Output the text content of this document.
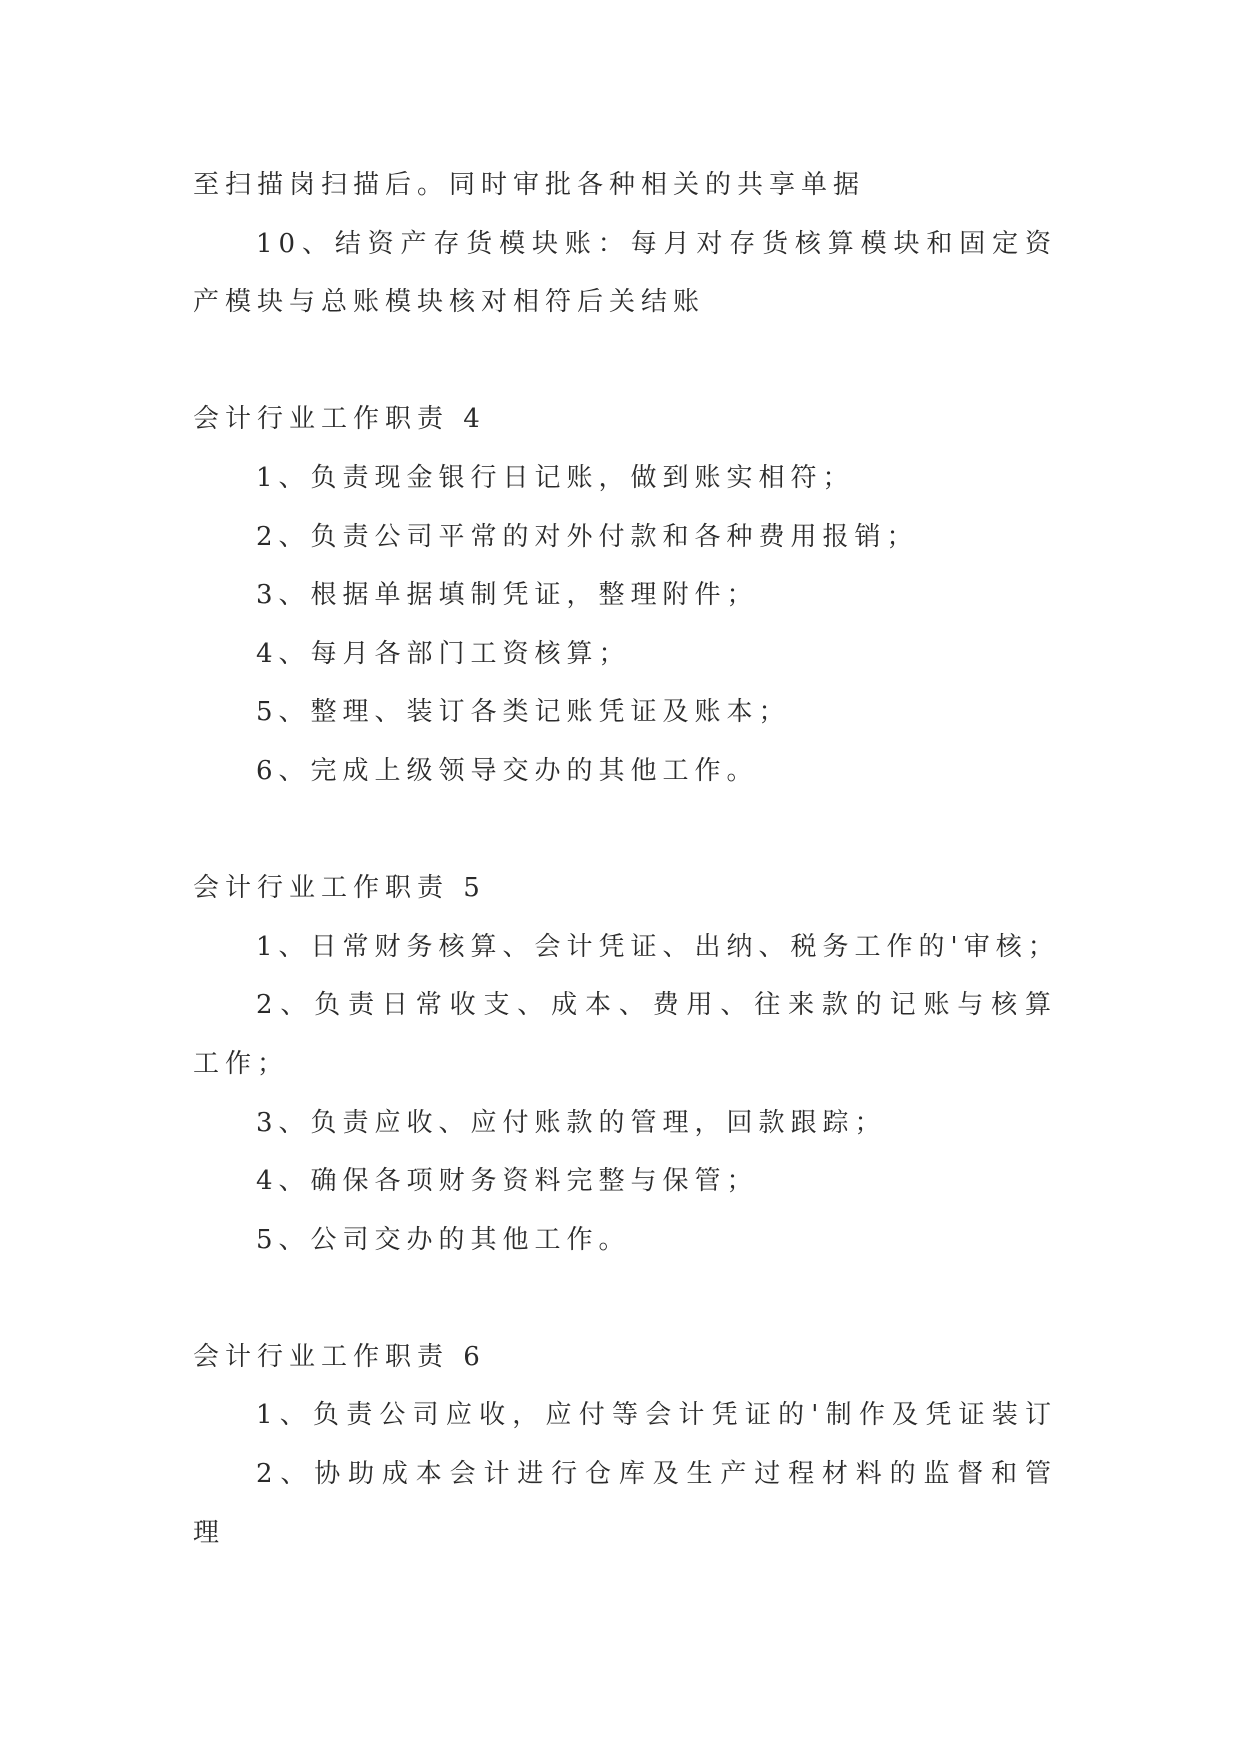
至扫描岗扫描后。同时审批各种相关的共享单据
10、结资产存货模块账：每月对存货核算模块和固定资
产模块与总账模块核对相符后关结账
会计行业工作职责 4
1、负责现金银行日记账，做到账实相符；
2、负责公司平常的对外付款和各种费用报销；
3、根据单据填制凭证，整理附件；
4、每月各部门工资核算；
5、整理、装订各类记账凭证及账本；
6、完成上级领导交办的其他工作。
会计行业工作职责 5
1、日常财务核算、会计凭证、出纳、税务工作的'审核；
2、负责日常收支、成本、费用、往来款的记账与核算
工作；
3、负责应收、应付账款的管理，回款跟踪；
4、确保各项财务资料完整与保管；
5、公司交办的其他工作。
会计行业工作职责 6
1、负责公司应收，应付等会计凭证的'制作及凭证装订
2、协助成本会计进行仓库及生产过程材料的监督和管
理
